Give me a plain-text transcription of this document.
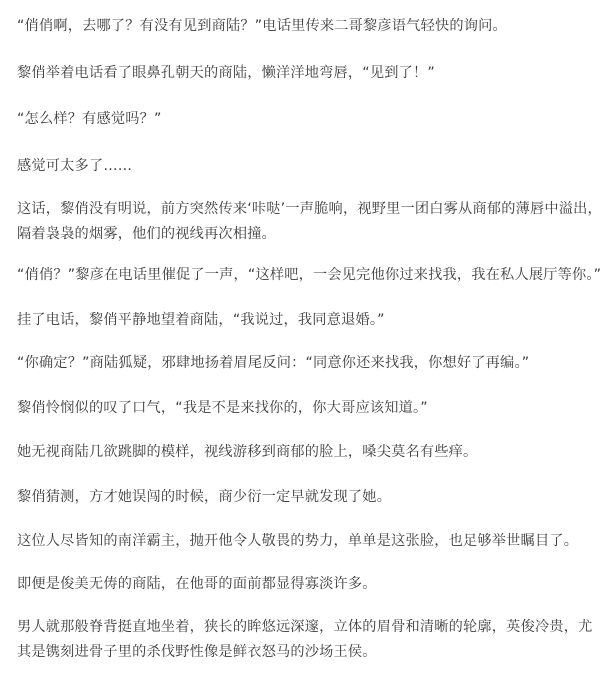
“俏俏啊，去哪了？有没有见到商陆？”电话里传来二哥黎彦语气轻快的询问。

黎俏举着电话看了眼鼻孔朝天的商陆，懒洋洋地弯唇，“见到了！”

“怎么样？有感觉吗？”

感觉可太多了……

这话，黎俏没有明说，前方突然传来‘咔哒’一声脆响，视野里一团白雾从商郁的薄唇中溢出，隔着袅袅的烟雾，他们的视线再次相撞。

“俏俏？”黎彦在电话里催促了一声，“这样吧，一会见完他你过来找我，我在私人展厅等你。”

挂了电话，黎俏平静地望着商陆，“我说过，我同意退婚。”

“你确定？”商陆狐疑，邪肆地扬着眉尾反问：“同意你还来找我，你想好了再编。”

黎俏怜悯似的叹了口气，“我是不是来找你的，你大哥应该知道。”

她无视商陆几欲跳脚的模样，视线游移到商郁的脸上，嗓尖莫名有些痒。

黎俏猜测，方才她误闯的时候，商少衍一定早就发现了她。

这位人尽皆知的南洋霸主，抛开他令人敬畏的势力，单单是这张脸，也足够举世瞩目了。

即便是俊美无俦的商陆，在他哥的面前都显得寡淡许多。

男人就那般脊背挺直地坐着，狭长的眸悠远深邃，立体的眉骨和清晰的轮廓，英俊冷贵，尤其是镌刻进骨子里的杀伐野性像是鲜衣怒马的沙场王侯。
